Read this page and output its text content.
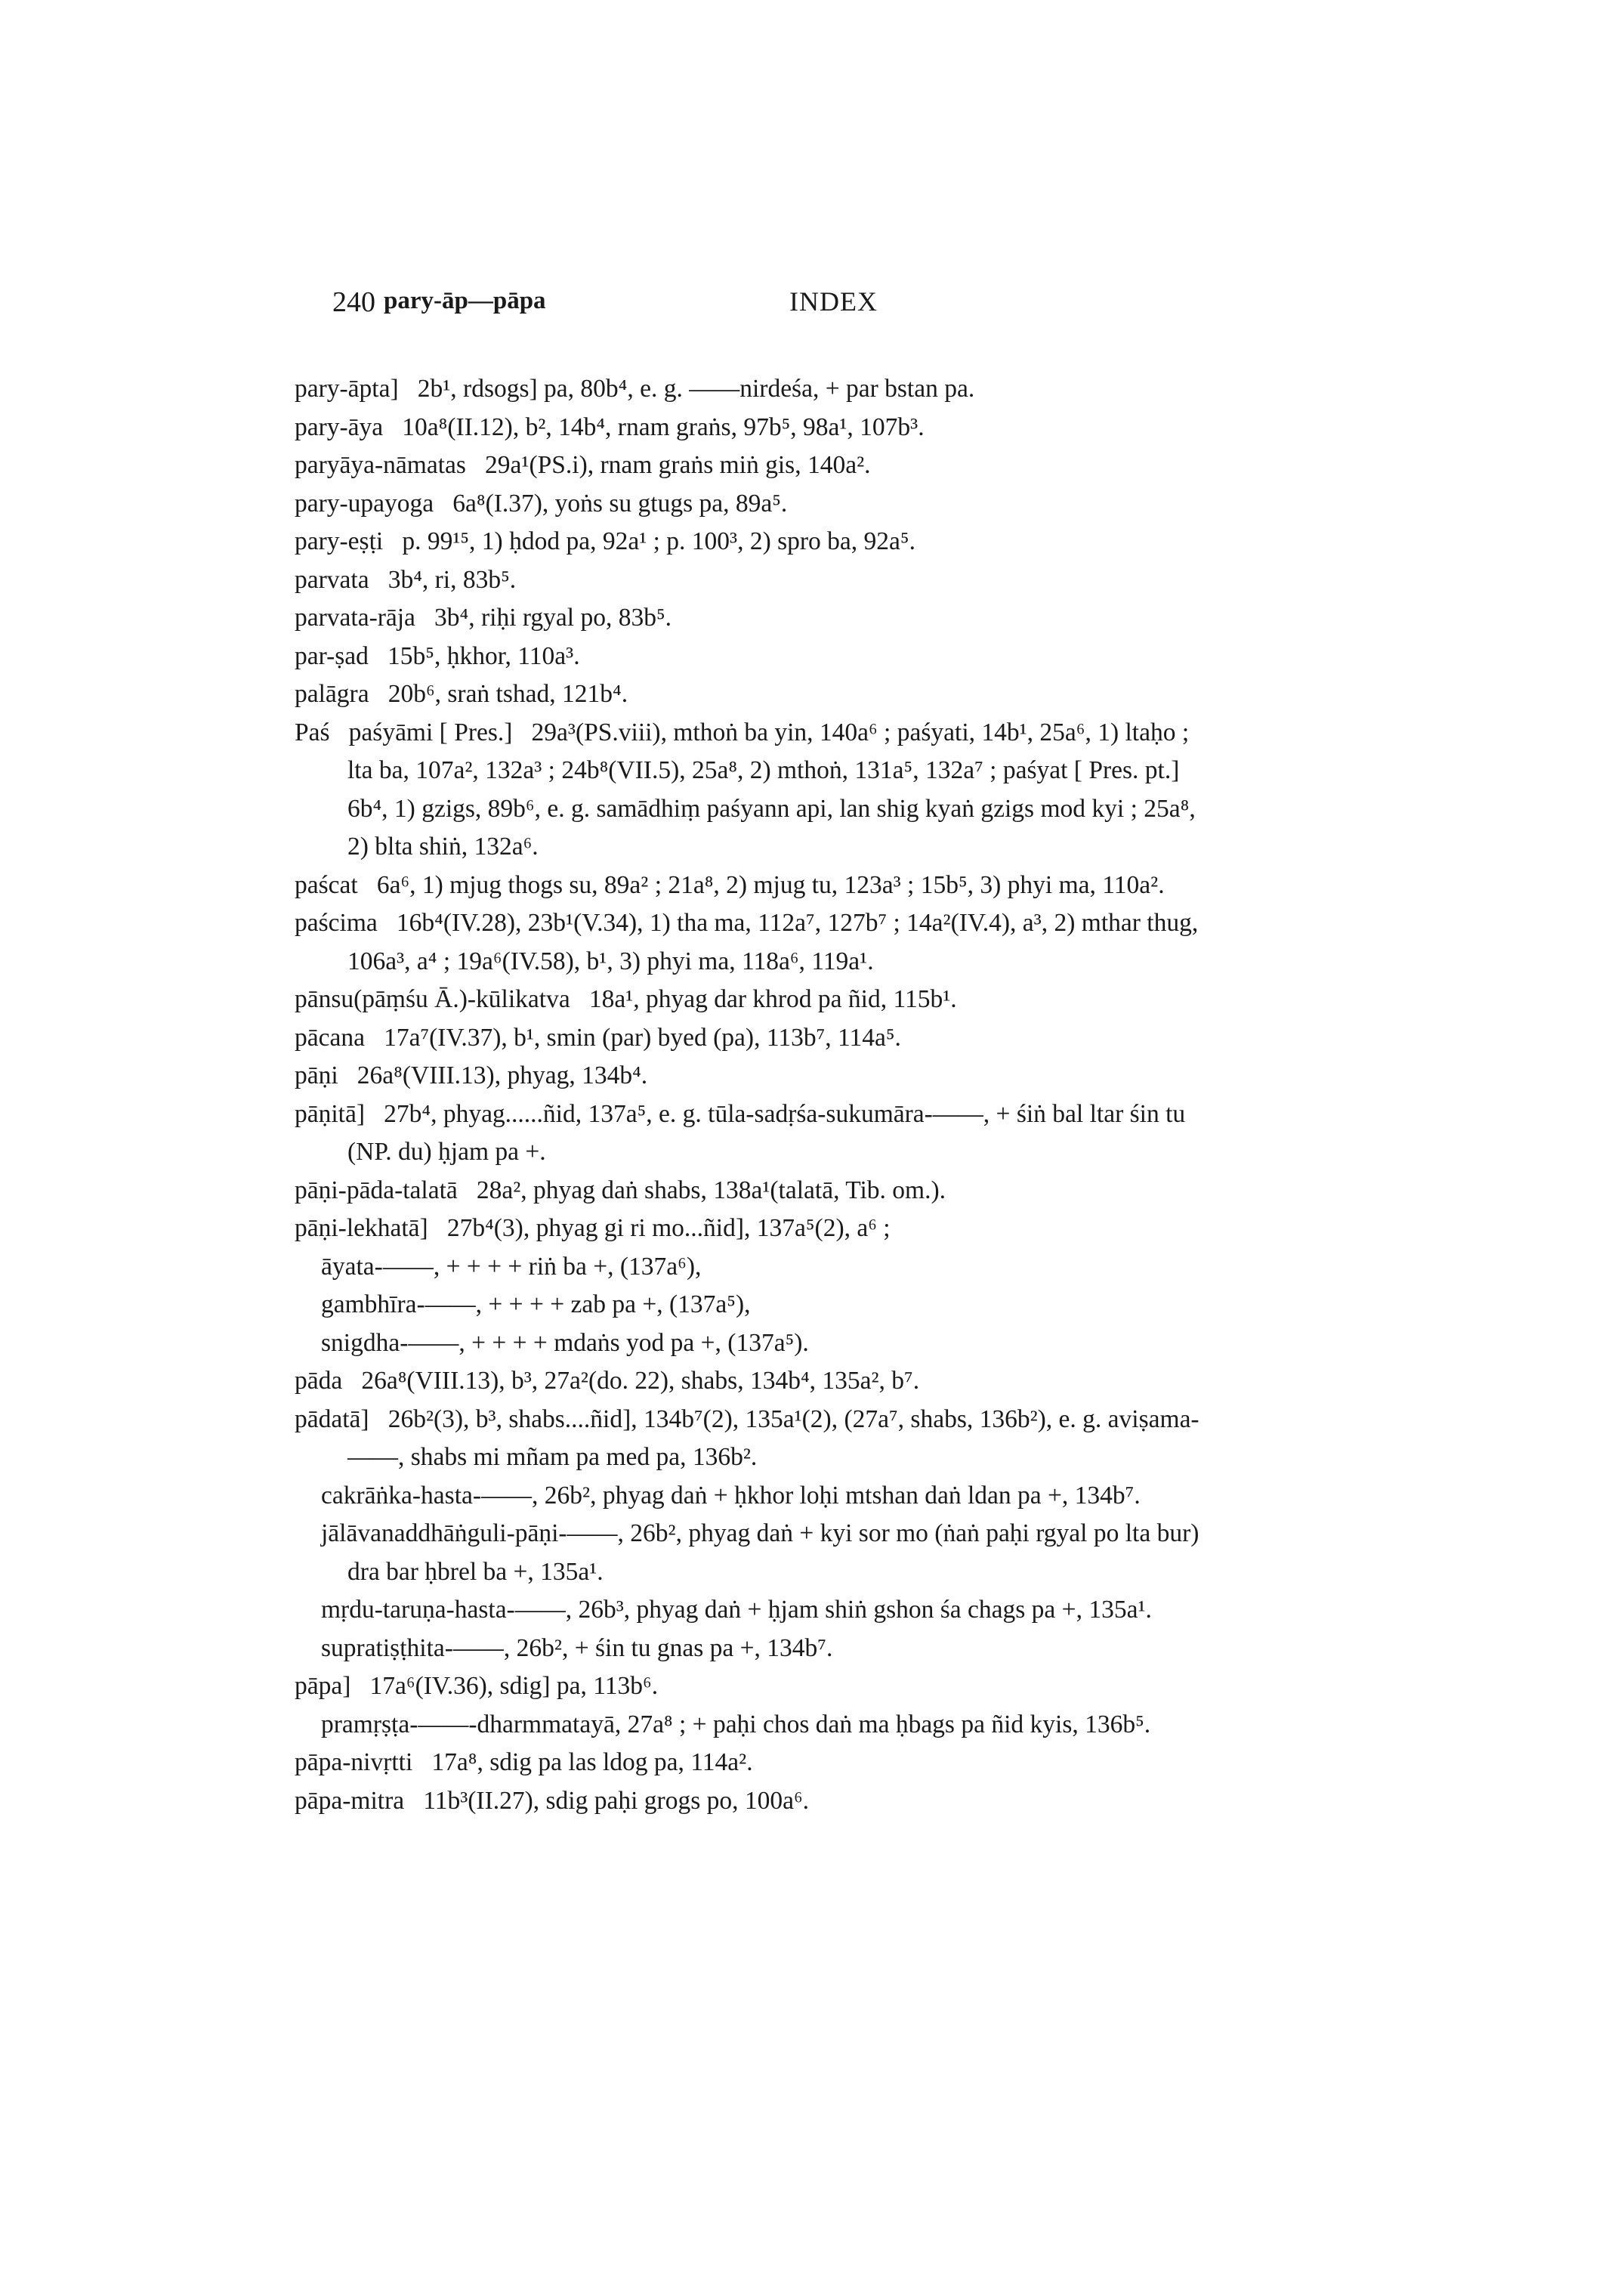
240 pary-āp—pāpa	INDEX
pary-āpta]   2b¹, rdsogs] pa, 80b⁴, e. g. ——nirdeśa, + par bstan pa.
pary-āya   10a⁸(II.12), b², 14b⁴, rnam graṅs, 97b⁵, 98a¹, 107b³.
paryāya-nāmatas   29a¹(PS.i), rnam graṅs miṅ gis, 140a².
pary-upayoga   6a⁸(I.37), yoṅs su gtugs pa, 89a⁵.
pary-eṣṭi   p. 99¹⁵, 1) ḥdod pa, 92a¹ ; p. 100³, 2) spro ba, 92a⁵.
parvata   3b⁴, ri, 83b⁵.
parvata-rāja   3b⁴, riḥi rgyal po, 83b⁵.
par-ṣad   15b⁵, ḥkhor, 110a³.
palāgra   20b⁶, sraṅ tshad, 121b⁴.
Paś   paśyāmi [ Pres.]   29a³(PS.viii), mthoṅ ba yin, 140a⁶ ; paśyati, 14b¹, 25a⁶, 1) ltaḥo ;
lta ba, 107a², 132a³ ; 24b⁸(VII.5), 25a⁸, 2) mthoṅ, 131a⁵, 132a⁷ ; paśyat [ Pres. pt.]
6b⁴, 1) gzigs, 89b⁶, e. g. samādhiṃ paśyann api, lan shig kyaṅ gzigs mod kyi ; 25a⁸,
2) blta shiṅ, 132a⁶.
paścat   6a⁶, 1) mjug thogs su, 89a² ; 21a⁸, 2) mjug tu, 123a³ ; 15b⁵, 3) phyi ma, 110a².
paścima   16b⁴(IV.28), 23b¹(V.34), 1) tha ma, 112a⁷, 127b⁷ ; 14a²(IV.4), a³, 2) mthar thug,
106a³, a⁴ ; 19a⁶(IV.58), b¹, 3) phyi ma, 118a⁶, 119a¹.
pānsu(pāṃśu Ā.)-kūlikatva   18a¹, phyag dar khrod pa ñid, 115b¹.
pācana   17a⁷(IV.37), b¹, smin (par) byed (pa), 113b⁷, 114a⁵.
pāṇi   26a⁸(VIII.13), phyag, 134b⁴.
pāṇitā]   27b⁴, phyag......ñid, 137a⁵, e. g. tūla-sadṛśa-sukumāra-——, + śiṅ bal ltar śin tu
(NP. du) ḥjam pa +.
pāṇi-pāda-talatā   28a², phyag daṅ shabs, 138a¹(talatā, Tib. om.).
pāṇi-lekhatā]   27b⁴(3), phyag gi ri mo...ñid], 137a⁵(2), a⁶ ;
āyata-——, + + + + riṅ ba +, (137a⁶),
gambhīra-——, + + + + zab pa +, (137a⁵),
snigdha-——, + + + + mdaṅs yod pa +, (137a⁵).
pāda   26a⁸(VIII.13), b³, 27a²(do. 22), shabs, 134b⁴, 135a², b⁷.
pādatā]   26b²(3), b³, shabs....ñid], 134b⁷(2), 135a¹(2), (27a⁷, shabs, 136b²), e. g. aviṣama-
——, shabs mi mñam pa med pa, 136b².
cakrāṅka-hasta-——, 26b², phyag daṅ + ḥkhor loḥi mtshan daṅ ldan pa +, 134b⁷.
jālāvanaddhāṅguli-pāṇi-——, 26b², phyag daṅ + kyi sor mo (ṅaṅ paḥi rgyal po lta bur)
dra bar ḥbrel ba +, 135a¹.
mṛdu-taruṇa-hasta-——, 26b³, phyag daṅ + ḥjam shiṅ gshon śa chags pa +, 135a¹.
supratiṣṭhita-——, 26b², + śin tu gnas pa +, 134b⁷.
pāpa]   17a⁶(IV.36), sdig] pa, 113b⁶.
pramṛṣṭa-——-dharmmatayā, 27a⁸ ; + paḥi chos daṅ ma ḥbags pa ñid kyis, 136b⁵.
pāpa-nivṛtti   17a⁸, sdig pa las ldog pa, 114a².
pāpa-mitra   11b³(II.27), sdig paḥi grogs po, 100a⁶.
